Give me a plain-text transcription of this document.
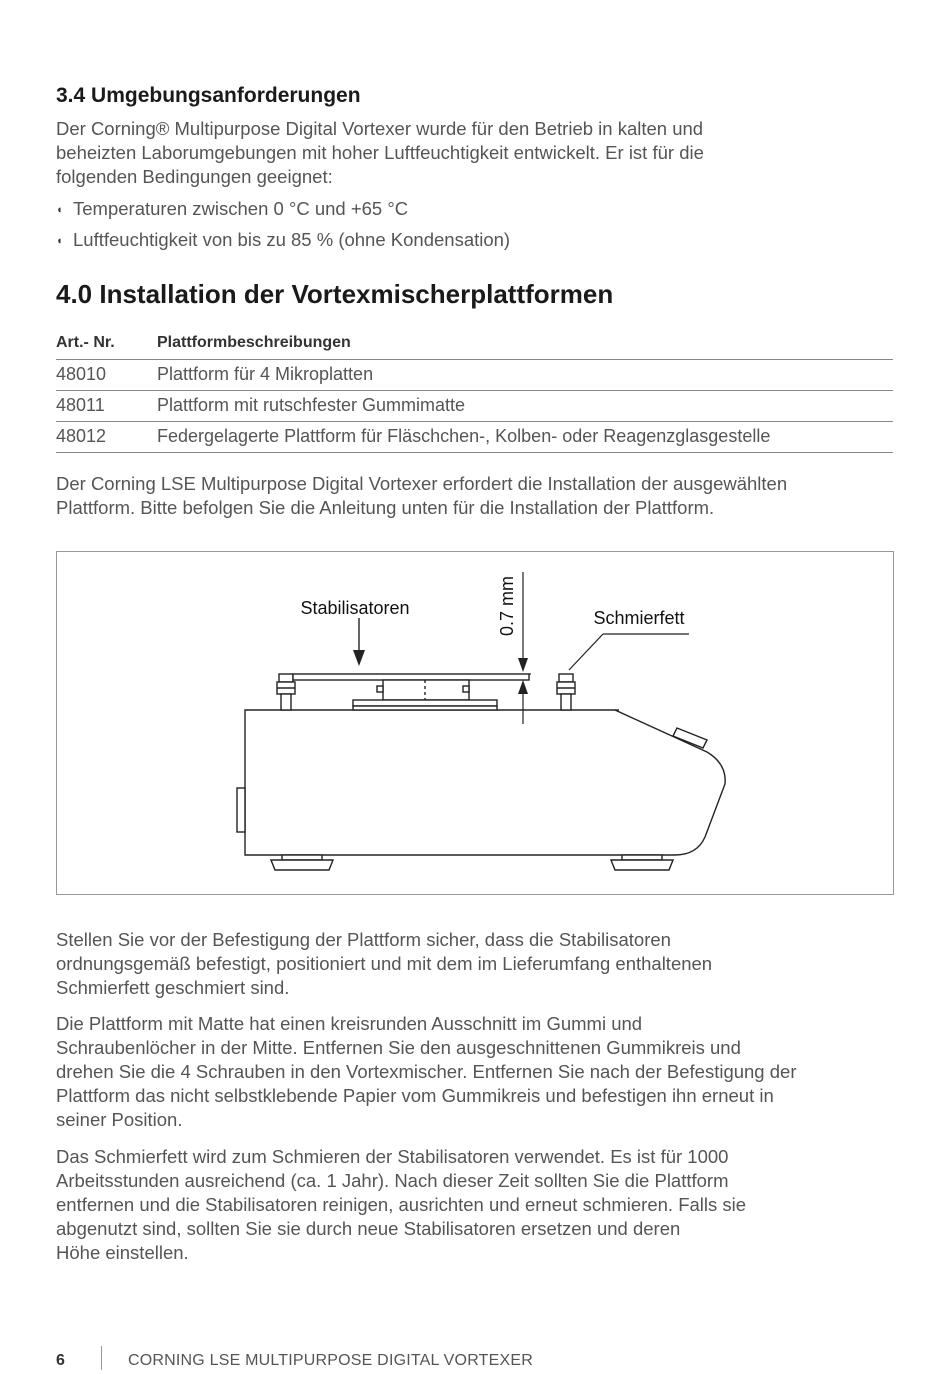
3.4 Umgebungsanforderungen
Der Corning® Multipurpose Digital Vortexer wurde für den Betrieb in kalten und
beheizten Laborumgebungen mit hoher Luftfeuchtigkeit entwickelt. Er ist für die
folgenden Bedingungen geeignet:
◖ Temperaturen zwischen 0 °C und +65 °C
◖ Luftfeuchtigkeit von bis zu 85 % (ohne Kondensation)
4.0 Installation der Vortexmischerplattformen
Art.- Nr.	Plattformbeschreibungen
48010	Plattform für 4 Mikroplatten
48011	Plattform mit rutschfester Gummimatte
48012	Federgelagerte Plattform für Fläschchen-, Kolben- oder Reagenzglasgestelle
Der Corning LSE Multipurpose Digital Vortexer erfordert die Installation der ausgewählten
Plattform. Bitte befolgen Sie die Anleitung unten für die Installation der Plattform.
Stabilisatoren	0.7 mm	Schmierfett
Stellen Sie vor der Befestigung der Plattform sicher, dass die Stabilisatoren
ordnungsgemäß befestigt, positioniert und mit dem im Lieferumfang enthaltenen
Schmierfett geschmiert sind.
Die Plattform mit Matte hat einen kreisrunden Ausschnitt im Gummi und
Schraubenlöcher in der Mitte. Entfernen Sie den ausgeschnittenen Gummikreis und
drehen Sie die 4 Schrauben in den Vortexmischer. Entfernen Sie nach der Befestigung der
Plattform das nicht selbstklebende Papier vom Gummikreis und befestigen ihn erneut in
seiner Position.
Das Schmierfett wird zum Schmieren der Stabilisatoren verwendet. Es ist für 1000
Arbeitsstunden ausreichend (ca. 1 Jahr). Nach dieser Zeit sollten Sie die Plattform
entfernen und die Stabilisatoren reinigen, ausrichten und erneut schmieren. Falls sie
abgenutzt sind, sollten Sie sie durch neue Stabilisatoren ersetzen und deren
Höhe einstellen.
6	CORNING LSE MULTIPURPOSE DIGITAL VORTEXER
